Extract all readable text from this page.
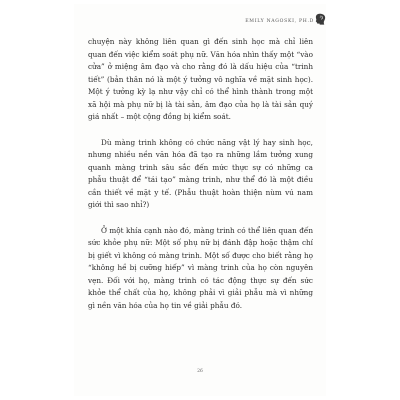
EMILY NAGOSKI, PH.D

chuyện này không liên quan gì đến sinh học mà chỉ liên quan đến việc kiểm soát phụ nữ. Văn hóa nhìn thấy một “vào cửa” ở miệng âm đạo và cho rằng đó là dấu hiệu của “trinh tiết” (bản thân nó là một ý tưởng vô nghĩa về mặt sinh học). Một ý tưởng kỳ lạ như vậy chỉ có thể hình thành trong một xã hội mà phụ nữ bị là tài sản, âm đạo của họ là tài sản quý giá nhất – một cộng đồng bị kiểm soát.

Dù màng trinh không có chức năng vật lý hay sinh học, nhưng nhiều nền văn hóa đã tạo ra những lầm tưởng xung quanh màng trinh sâu sắc đến mức thực sự có những ca phẫu thuật để “tái tạo” màng trinh, như thể đó là một điều cần thiết về mặt y tế. (Phẫu thuật hoàn thiện nùm vú nam giới thì sao nhỉ?)

Ở một khía cạnh nào đó, màng trinh có thể liên quan đến sức khỏe phụ nữ: Một số phụ nữ bị đánh đập hoặc thậm chí bị giết vì không có màng trinh. Một số được cho biết rằng họ “không hề bị cưỡng hiếp” vì màng trinh của họ còn nguyên vẹn. Đối với họ, màng trinh có tác động thực sự đến sức khỏe thể chất của họ, không phải vì giải phẫu mà vì những gì nền văn hóa của họ tin về giải phẫu đó.

26
